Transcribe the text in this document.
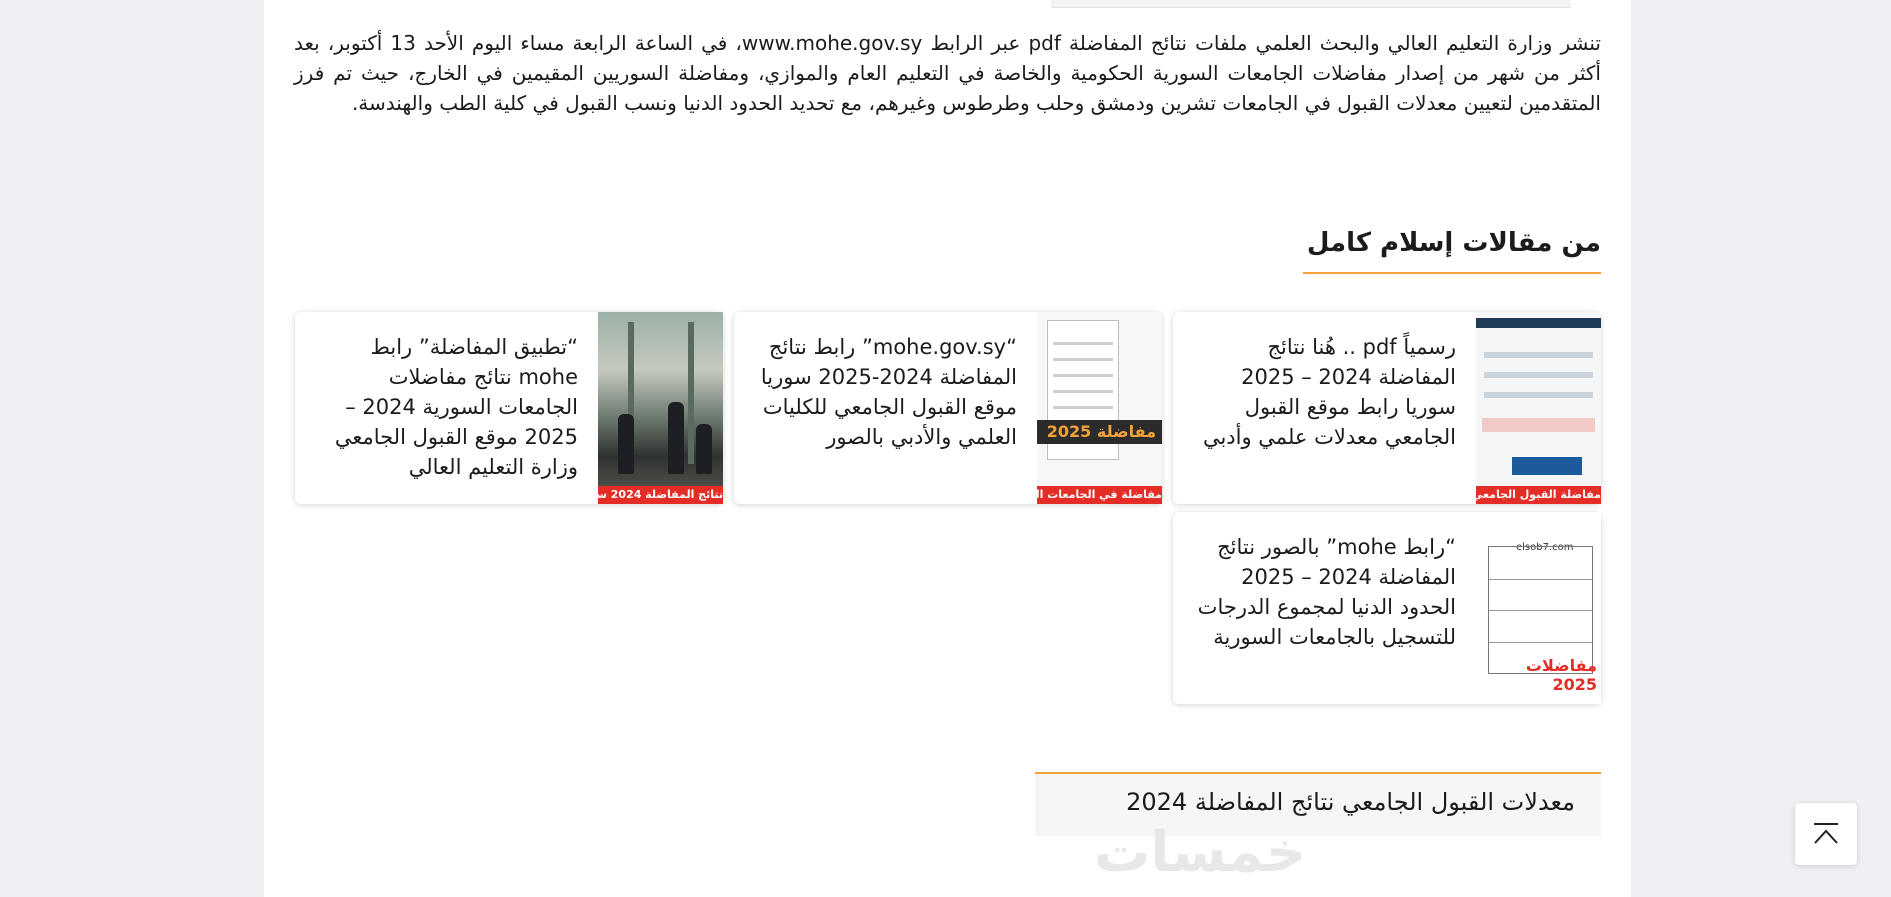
تنشر وزارة التعليم العالي والبحث العلمي ملفات نتائج المفاضلة pdf عبر الرابط www.mohe.gov.sy، في الساعة الرابعة مساء اليوم الأحد 13 أكتوبر، بعد أكثر من شهر من إصدار مفاضلات الجامعات السورية الحكومية والخاصة في التعليم العام والموازي، ومفاضلة السوريين المقيمين في الخارج، حيث تم فرز المتقدمين لتعيين معدلات القبول في الجامعات تشرين ودمشق وحلب وطرطوس وغيرهم، مع تحديد الحدود الدنيا ونسب القبول في كلية الطب والهندسة.

من مقالات إسلام كامل
مفاضلة القبول الجامعي 2025
رسمياً pdf .. هُنا نتائج المفاضلة 2024 – 2025 سوريا رابط موقع القبول الجامعي معدلات علمي وأدبي
مفاضلة 2025
مفاضلة في الجامعات السورية
“mohe.gov.sy” رابط نتائج المفاضلة 2024-2025 سوريا موقع القبول الجامعي للكليات العلمي والأدبي بالصور
نتائج المفاضلة 2024 سوريا
“تطبيق المفاضلة” رابط mohe نتائج مفاضلات الجامعات السورية 2024 – 2025 موقع القبول الجامعي وزارة التعليم العالي
elsob7.com
مفاضلات 2025
“رابط mohe” بالصور نتائج المفاضلة 2024 – 2025 الحدود الدنيا لمجموع الدرجات للتسجيل بالجامعات السورية
معدلات القبول الجامعي نتائج المفاضلة 2024
خمسات
